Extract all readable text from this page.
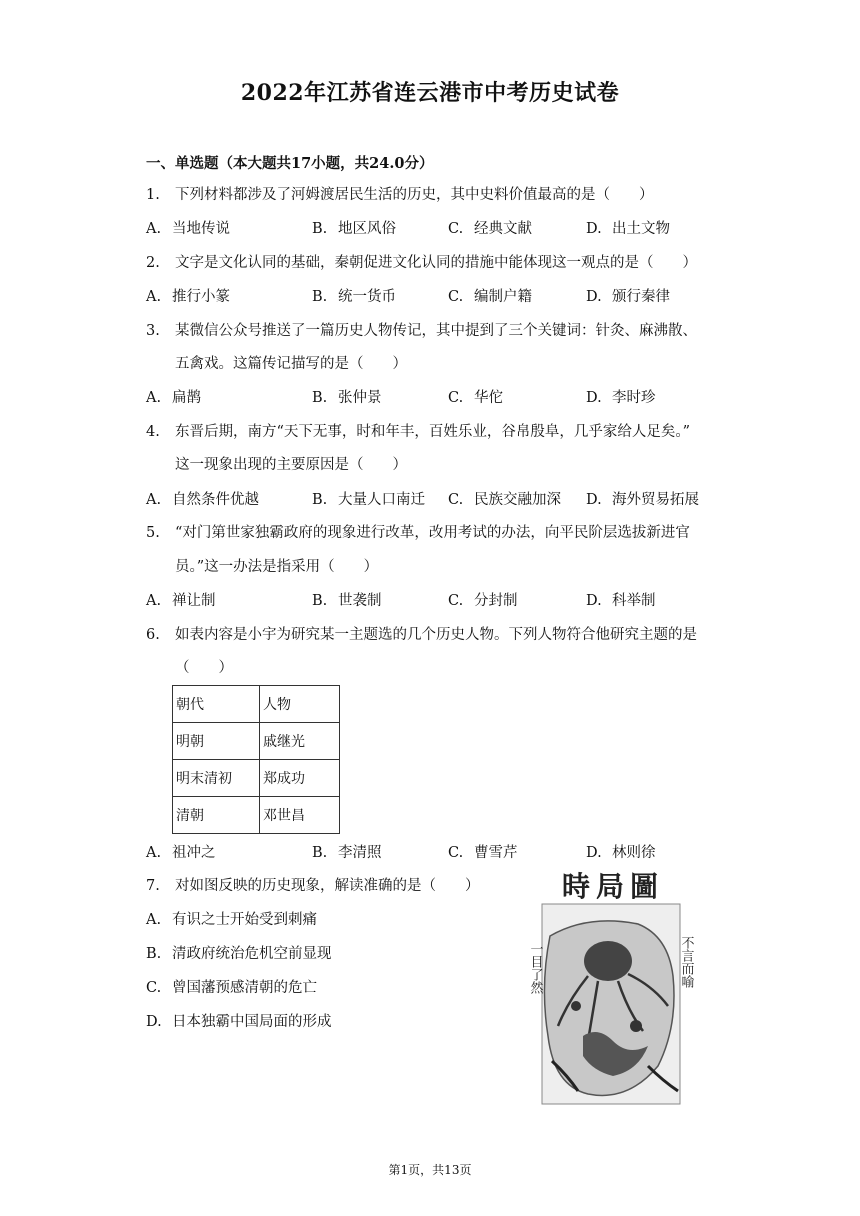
2022年江苏省连云港市中考历史试卷
一、单选题（本大题共17小题，共24.0分）
1. 下列材料都涉及了河姆渡居民生活的历史，其中史料价值最高的是（　　）
A. 当地传说	B. 地区风俗	C. 经典文献	D. 出土文物
2. 文字是文化认同的基础，秦朝促进文化认同的措施中能体现这一观点的是（　　）
A. 推行小篆	B. 统一货币	C. 编制户籍	D. 颁行秦律
3. 某微信公众号推送了一篇历史人物传记，其中提到了三个关键词：针灸、麻沸散、
五禽戏。这篇传记描写的是（　　）
A. 扁鹊	B. 张仲景	C. 华佗	D. 李时珍
4. 东晋后期，南方“天下无事，时和年丰，百姓乐业，谷帛殷阜，几乎家给人足矣。”
这一现象出现的主要原因是（　　）
A. 自然条件优越	B. 大量人口南迁 C. 民族交融加深 D. 海外贸易拓展
5. “对门第世家独霸政府的现象进行改革，改用考试的办法，向平民阶层选拔新进官
员。”这一办法是指采用（　　）
A. 禅让制	B. 世袭制	C. 分封制	D. 科举制
6. 如表内容是小宇为研究某一主题选的几个历史人物。下列人物符合他研究主题的是
（　　）
朝代	人物
明朝	戚继光
明末清初	郑成功
清朝	邓世昌
A. 祖冲之	B. 李清照	C. 曹雪芹	D. 林则徐
7. 对如图反映的历史现象，解读准确的是（　　）
A. 有识之士开始受到刺痛
B. 清政府统治危机空前显现
C. 曾国藩预感清朝的危亡
D. 日本独霸中国局面的形成
時局圖
一目了然	不言而喻
第1页，共13页
